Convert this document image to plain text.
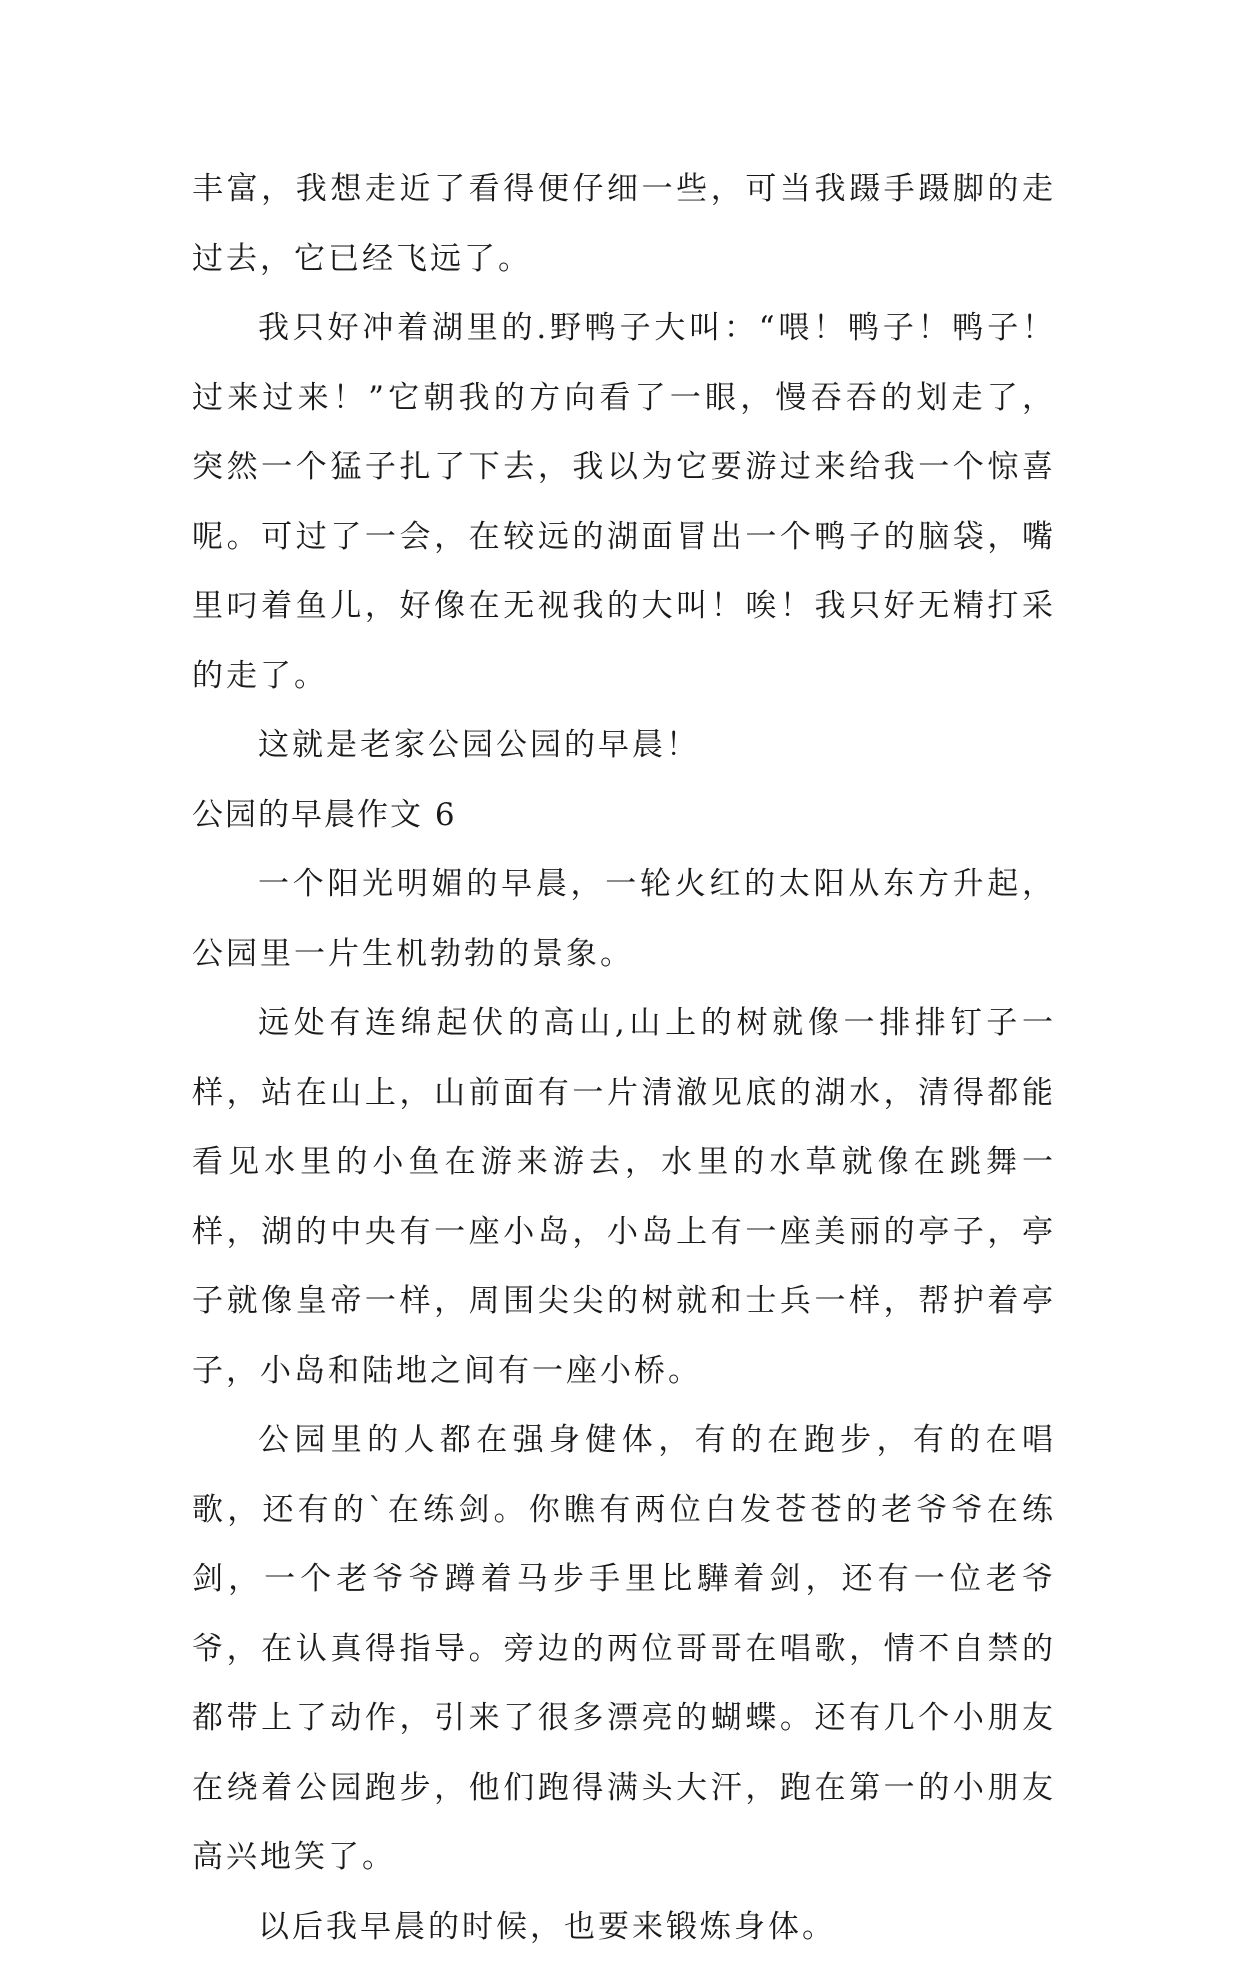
丰富，我想走近了看得便仔细一些，可当我蹑手蹑脚的走过去，它已经飞远了。

我只好冲着湖里的.野鸭子大叫：“喂！鸭子！鸭子！过来过来！”它朝我的方向看了一眼，慢吞吞的划走了，突然一个猛子扎了下去，我以为它要游过来给我一个惊喜呢。可过了一会，在较远的湖面冒出一个鸭子的脑袋，嘴里叼着鱼儿，好像在无视我的大叫！唉！我只好无精打采的走了。

这就是老家公园公园的早晨！

公园的早晨作文 6

一个阳光明媚的早晨，一轮火红的太阳从东方升起，公园里一片生机勃勃的景象。

远处有连绵起伏的高山,山上的树就像一排排钉子一样，站在山上，山前面有一片清澈见底的湖水，清得都能看见水里的小鱼在游来游去，水里的水草就像在跳舞一样，湖的中央有一座小岛，小岛上有一座美丽的亭子，亭子就像皇帝一样，周围尖尖的树就和士兵一样，帮护着亭子，小岛和陆地之间有一座小桥。

公园里的人都在强身健体，有的在跑步，有的在唱歌，还有的`在练剑。你瞧有两位白发苍苍的老爷爷在练剑，一个老爷爷蹲着马步手里比驊着剑，还有一位老爷爷，在认真得指导。旁边的两位哥哥在唱歌，情不自禁的都带上了动作，引来了很多漂亮的蝴蝶。还有几个小朋友在绕着公园跑步，他们跑得满头大汗，跑在第一的小朋友高兴地笑了。

以后我早晨的时候，也要来锻炼身体。
